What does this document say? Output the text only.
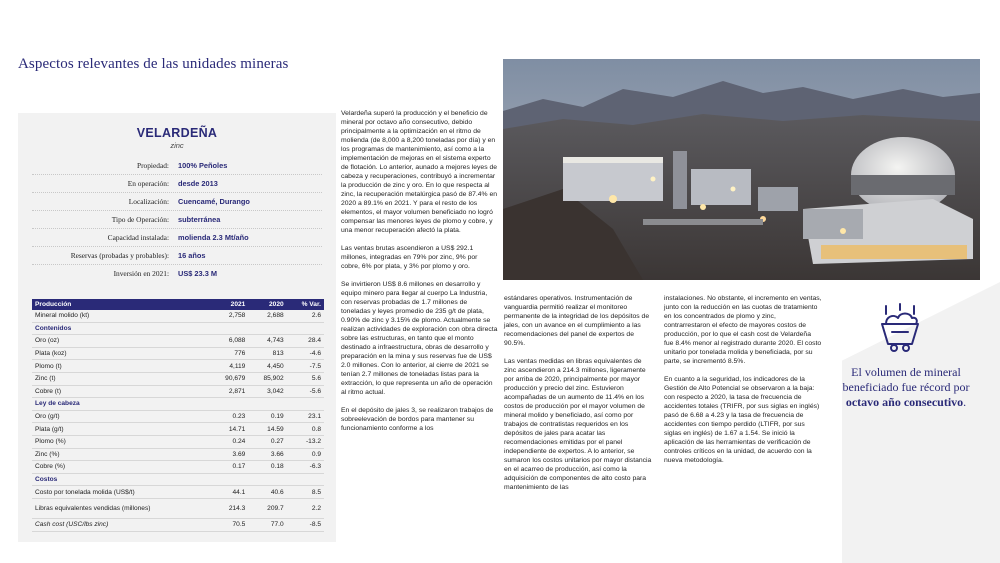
Aspectos relevantes de las unidades mineras
VELARDEÑA
zinc
Propiedad:	100% Peñoles
En operación:	desde 2013
Localización:	Cuencamé, Durango
Tipo de Operación:	subterránea
Capacidad instalada:	molienda 2.3 Mt/año
Reservas (probadas y probables):	16 años
Inversión en 2021:	US$ 23.3 M
Producción	2021	2020	% Var.
Mineral molido (kt)	2,758	2,688	2.6
Contenidos			
Oro (oz)	6,088	4,743	28.4
Plata (koz)	776	813	-4.6
Plomo (t)	4,119	4,450	-7.5
Zinc (t)	90,679	85,902	5.6
Cobre (t)	2,871	3,042	-5.6
Ley de cabeza			
Oro (g/t)	0.23	0.19	23.1
Plata (g/t)	14.71	14.59	0.8
Plomo (%)	0.24	0.27	-13.2
Zinc (%)	3.69	3.66	0.9
Cobre (%)	0.17	0.18	-6.3
Costos			
Costo por tonelada molida (US$/t)	44.1	40.6	8.5
Libras equivalentes vendidas (millones)	214.3	209.7	2.2
Cash cost (USC/lbs zinc)	70.5	77.0	-8.5

Velardeña superó la producción y el beneficio de mineral por octavo año consecutivo, debido principalmente a la optimización en el ritmo de molienda (de 8,000 a 8,200 toneladas por día) y en los programas de mantenimiento, así como a la implementación de mejoras en el sistema experto de flotación. Lo anterior, aunado a mejores leyes de cabeza y recuperaciones, contribuyó a incrementar la producción de zinc y oro. En lo que respecta al zinc, la recuperación metalúrgica pasó de 87.4% en 2020 a 89.1% en 2021. Y para el resto de los elementos, el mayor volumen beneficiado no logró compensar las menores leyes de plomo y cobre, y una menor recuperación afectó la plata.

Las ventas brutas ascendieron a US$ 292.1 millones, integradas en 79% por zinc, 9% por cobre, 6% por plata, y 3% por plomo y oro.

Se invirtieron US$ 8.6 millones en desarrollo y equipo minero para llegar al cuerpo La Industria, con reservas probadas de 1.7 millones de toneladas y leyes promedio de 235 g/t de plata, 0.90% de zinc y 3.15% de plomo. Actualmente se realizan actividades de exploración con obra directa sobre las estructuras, en tanto que el monto destinado a infraestructura, obras de desarrollo y preparación en la mina y sus reservas fue de US$ 2.0 millones. Con lo anterior, al cierre de 2021 se tenían 2.7 millones de toneladas listas para la extracción, lo que representa un año de operación al ritmo actual.

En el depósito de jales 3, se realizaron trabajos de sobreelevación de bordos para mantener su funcionamiento conforme a los

estándares operativos. Instrumentación de vanguardia permitió realizar el monitoreo permanente de la integridad de los depósitos de jales, con un avance en el cumplimiento a las recomendaciones del panel de expertos de 90.5%.

Las ventas medidas en libras equivalentes de zinc ascendieron a 214.3 millones, ligeramente por arriba de 2020, principalmente por mayor producción y precio del zinc. Estuvieron acompañadas de un aumento de 11.4% en los costos de producción por el mayor volumen de mineral molido y beneficiado, así como por trabajos de contratistas requeridos en los depósitos de jales para acatar las recomendaciones emitidas por el panel independiente de expertos. A lo anterior, se sumaron los costos unitarios por mayor distancia en el acarreo de producción, así como la adquisición de componentes de alto costo para mantenimiento de las

instalaciones. No obstante, el incremento en ventas, junto con la reducción en las cuotas de tratamiento en los concentrados de plomo y zinc, contrarrestaron el efecto de mayores costos de producción, por lo que el cash cost de Velardeña fue 8.4% menor al registrado durante 2020. El costo unitario por tonelada molida y beneficiada, por su parte, se incrementó 8.5%.

En cuanto a la seguridad, los indicadores de la Gestión de Alto Potencial se observaron a la baja: con respecto a 2020, la tasa de frecuencia de accidentes totales (TRIFR, por sus siglas en inglés) pasó de 6.68 a 4.23 y la tasa de frecuencia de accidentes con tiempo perdido (LTIFR, por sus siglas en inglés) de 1.67 a 1.54. Se inició la aplicación de las herramientas de verificación de controles críticos en la unidad, de acuerdo con la nueva metodología.

El volumen de mineral beneficiado fue récord por octavo año consecutivo.
